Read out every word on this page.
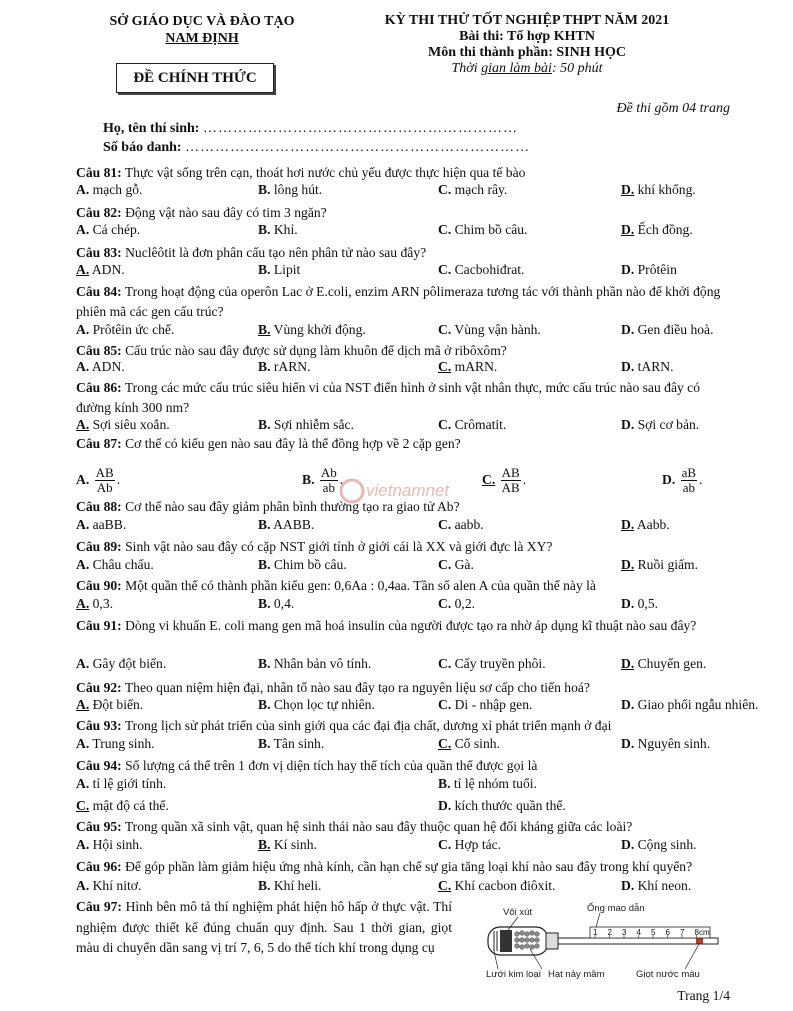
SỞ GIÁO DỤC VÀ ĐÀO TẠO
NAM ĐỊNH
ĐỀ CHÍNH THỨC
KỲ THI THỬ TỐT NGHIỆP THPT NĂM 2021
Bài thi: Tổ hợp KHTN
Môn thi thành phần: SINH HỌC
Thời gian làm bài: 50 phút
Đề thi gồm 04 trang
Họ, tên thí sinh: ………………………………………………………
Số báo danh: ……………………………………………………………
Câu 81: Thực vật sống trên cạn, thoát hơi nước chủ yếu được thực hiện qua tế bào
A. mạch gỗ.	B. lông hút.	C. mạch rây.	D. khí khổng.
Câu 82: Động vật nào sau đây có tim 3 ngăn?
A. Cá chép.	B. Khỉ.	C. Chim bồ câu.	D. Ếch đồng.
Câu 83: Nuclêôtit là đơn phân cấu tạo nên phân tử nào sau đây?
A. ADN.	B. Lipit	C. Cacbohiđrat.	D. Prôtêin
Câu 84: Trong hoạt động của operôn Lac ở E.coli, enzim ARN pôlimeraza tương tác với thành phần nào để khởi động phiên mã các gen cấu trúc?
A. Prôtêin ức chế.	B. Vùng khởi động.	C. Vùng vận hành.	D. Gen điều hoà.
Câu 85: Cấu trúc nào sau đây được sử dụng làm khuôn để dịch mã ở ribôxôm?
A. ADN.	B. rARN.	C. mARN.	D. tARN.
Câu 86: Trong các mức cấu trúc siêu hiển vi của NST điển hình ở sinh vật nhân thực, mức cấu trúc nào sau đây có đường kính 300 nm?
A. Sợi siêu xoắn.	B. Sợi nhiễm sắc.	C. Crômatit.	D. Sợi cơ bản.
Câu 87: Cơ thể có kiểu gen nào sau đây là thể đồng hợp về 2 cặp gen?
A. $\frac{AB}{Ab}$ .	B. $\frac{Ab}{ab}$ .	C. $\frac{AB}{AB}$ .	D. $\frac{aB}{ab}$ .
Câu 88: Cơ thể nào sau đây giảm phân bình thường tạo ra giao tử Ab?
A. aaBB.	B. AABB.	C. aabb.	D. Aabb.
Câu 89: Sinh vật nào sau đây có cặp NST giới tính ở giới cái là XX và giới đực là XY?
A. Châu chấu.	B. Chim bồ câu.	C. Gà.	D. Ruồi giấm.
Câu 90: Một quần thể có thành phần kiểu gen: 0,6Aa : 0,4aa. Tần số alen A của quần thể này là
A. 0,3.	B. 0,4.	C. 0,2.	D. 0,5.
Câu 91: Dòng vi khuẩn E. coli mang gen mã hoá insulin của người được tạo ra nhờ áp dụng kĩ thuật nào sau đây?
A. Gây đột biến.	B. Nhân bản vô tính.	C. Cấy truyền phôi.	D. Chuyển gen.
Câu 92: Theo quan niệm hiện đại, nhân tố nào sau đây tạo ra nguyên liệu sơ cấp cho tiến hoá?
A. Đột biến.	B. Chọn lọc tự nhiên.	C. Di - nhập gen.	D. Giao phối ngẫu nhiên.
Câu 93: Trong lịch sử phát triển của sinh giới qua các đại địa chất, dương xỉ phát triển mạnh ở đại
A. Trung sinh.	B. Tân sinh.	C. Cổ sinh.	D. Nguyên sinh.
Câu 94: Số lượng cá thể trên 1 đơn vị diện tích hay thể tích của quần thể được gọi là
A. tỉ lệ giới tính.	B. tỉ lệ nhóm tuổi.
C. mật độ cá thể.	D. kích thước quần thể.
Câu 95: Trong quần xã sinh vật, quan hệ sinh thái nào sau đây thuộc quan hệ đối kháng giữa các loài?
A. Hội sinh.	B. Kí sinh.	C. Hợp tác.	D. Cộng sinh.
Câu 96: Để góp phần làm giảm hiệu ứng nhà kính, cần hạn chế sự gia tăng loại khí nào sau đây trong khí quyển?
A. Khí nitơ.	B. Khí heli.	C. Khí cacbon điôxit.	D. Khí neon.
Câu 97: Hình bên mô tả thí nghiệm phát hiện hô hấp ở thực vật. Thí nghiệm được thiết kế đúng chuẩn quy định. Sau 1 thời gian, giọt màu di chuyển dần sang vị trí 7, 6, 5 do thể tích khí trong dụng cụ
1 2 3 4 5 6 7 8cm
Vôi xút	Ống mao dẫn
Lưới kim loại Hạt nảy mầm	Giọt nước màu
vietnamnet
Trang 1/4
